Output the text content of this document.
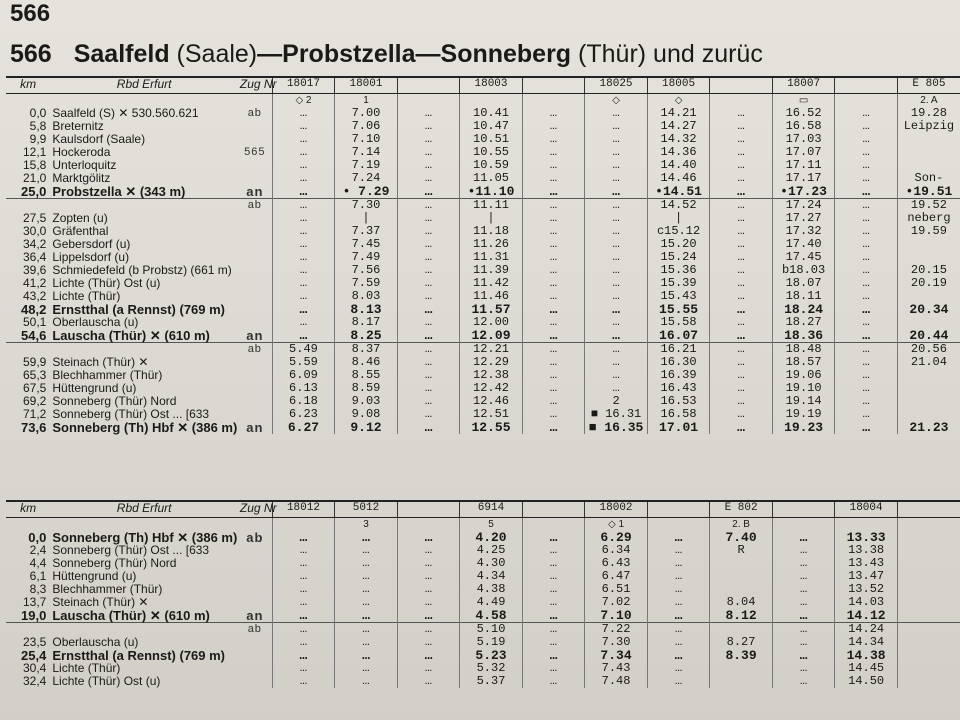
566
566 Saalfeld (Saale)—Probstzella—Sonneberg (Thür) und zurüc
km	Rbd Erfurt	Zug Nr	18017	18001		18003		18025	18005		18007		E 805
			◇ 2	1				◇	◇		▭		2. A
0,0	Saalfeld (S) ✕ 530.560.621	ab	…	7.00	…	10.41	…	…	14.21	…	16.52	…	19.28
5,8	Breternitz		…	7.06	…	10.47	…	…	14.27	…	16.58	…	Leipzig
9,9	Kaulsdorf (Saale)		…	7.10	…	10.51	…	…	14.32	…	17.03	…	
12,1	Hockeroda	565	…	7.14	…	10.55	…	…	14.36	…	17.07	…	
15,8	Unterloquitz		…	7.19	…	10.59	…	…	14.40	…	17.11	…	
21,0	Marktgölitz		…	7.24	…	11.05	…	…	14.46	…	17.17	…	Son-
25,0	Probstzella ✕ (343 m)	an	…	• 7.29	…	•11.10	…	…	•14.51	…	•17.23	…	•19.51
		ab	…	7.30	…	11.11	…	…	14.52	…	17.24	…	19.52
27,5	Zopten (u)		…	|	…	|	…	…	|	…	17.27	…	neberg
30,0	Gräfenthal		…	7.37	…	11.18	…	…	c15.12	…	17.32	…	19.59
34,2	Gebersdorf (u)		…	7.45	…	11.26	…	…	15.20	…	17.40	…	
36,4	Lippelsdorf (u)		…	7.49	…	11.31	…	…	15.24	…	17.45	…	
39,6	Schmiedefeld (b Probstz) (661 m)		…	7.56	…	11.39	…	…	15.36	…	b18.03	…	20.15
41,2	Lichte (Thür) Ost (u)		…	7.59	…	11.42	…	…	15.39	…	18.07	…	20.19
43,2	Lichte (Thür)		…	8.03	…	11.46	…	…	15.43	…	18.11	…	
48,2	Ernstthal (a Rennst) (769 m)		…	8.13	…	11.57	…	…	15.55	…	18.24	…	20.34
50,1	Oberlauscha (u)		…	8.17	…	12.00	…	…	15.58	…	18.27	…	
54,6	Lauscha (Thür) ✕ (610 m)	an	…	8.25	…	12.09	…	…	16.07	…	18.36	…	20.44
		ab	5.49	8.37	…	12.21	…	…	16.21	…	18.48	…	20.56
59,9	Steinach (Thür) ✕		5.59	8.46	…	12.29	…	…	16.30	…	18.57	…	21.04
65,3	Blechhammer (Thür)		6.09	8.55	…	12.38	…	…	16.39	…	19.06	…	
67,5	Hüttengrund (u)		6.13	8.59	…	12.42	…	…	16.43	…	19.10	…	
69,2	Sonneberg (Thür) Nord		6.18	9.03	…	12.46	…	2	16.53	…	19.14	…	
71,2	Sonneberg (Thür) Ost ... [633		6.23	9.08	…	12.51	…	■ 16.31	16.58	…	19.19	…	
73,6	Sonneberg (Th) Hbf ✕ (386 m)	an	6.27	9.12	…	12.55	…	■ 16.35	17.01	…	19.23	…	21.23
km	Rbd Erfurt	Zug Nr	18012	5012		6914		18002		E 802		18004	
				3		5		◇ 1		2. B			
0,0	Sonneberg (Th) Hbf ✕ (386 m)	ab	…	…	…	4.20	…	6.29	…	7.40	…	13.33	
2,4	Sonneberg (Thür) Ost ... [633		…	…	…	4.25	…	6.34	…	R	…	13.38	
4,4	Sonneberg (Thür) Nord		…	…	…	4.30	…	6.43	…		…	13.43	
6,1	Hüttengrund (u)		…	…	…	4.34	…	6.47	…		…	13.47	
8,3	Blechhammer (Thür)		…	…	…	4.38	…	6.51	…		…	13.52	
13,7	Steinach (Thür) ✕		…	…	…	4.49	…	7.02	…	8.04	…	14.03	
19,0	Lauscha (Thür) ✕ (610 m)	an	…	…	…	4.58	…	7.10	…	8.12	…	14.12	
		ab	…	…	…	5.10	…	7.22	…		…	14.24	
23,5	Oberlauscha (u)		…	…	…	5.19	…	7.30	…	8.27	…	14.34	
25,4	Ernstthal (a Rennst) (769 m)		…	…	…	5.23	…	7.34	…	8.39	…	14.38	
30,4	Lichte (Thür)		…	…	…	5.32	…	7.43	…		…	14.45	
32,4	Lichte (Thür) Ost (u)		…	…	…	5.37	…	7.48	…		…	14.50	
